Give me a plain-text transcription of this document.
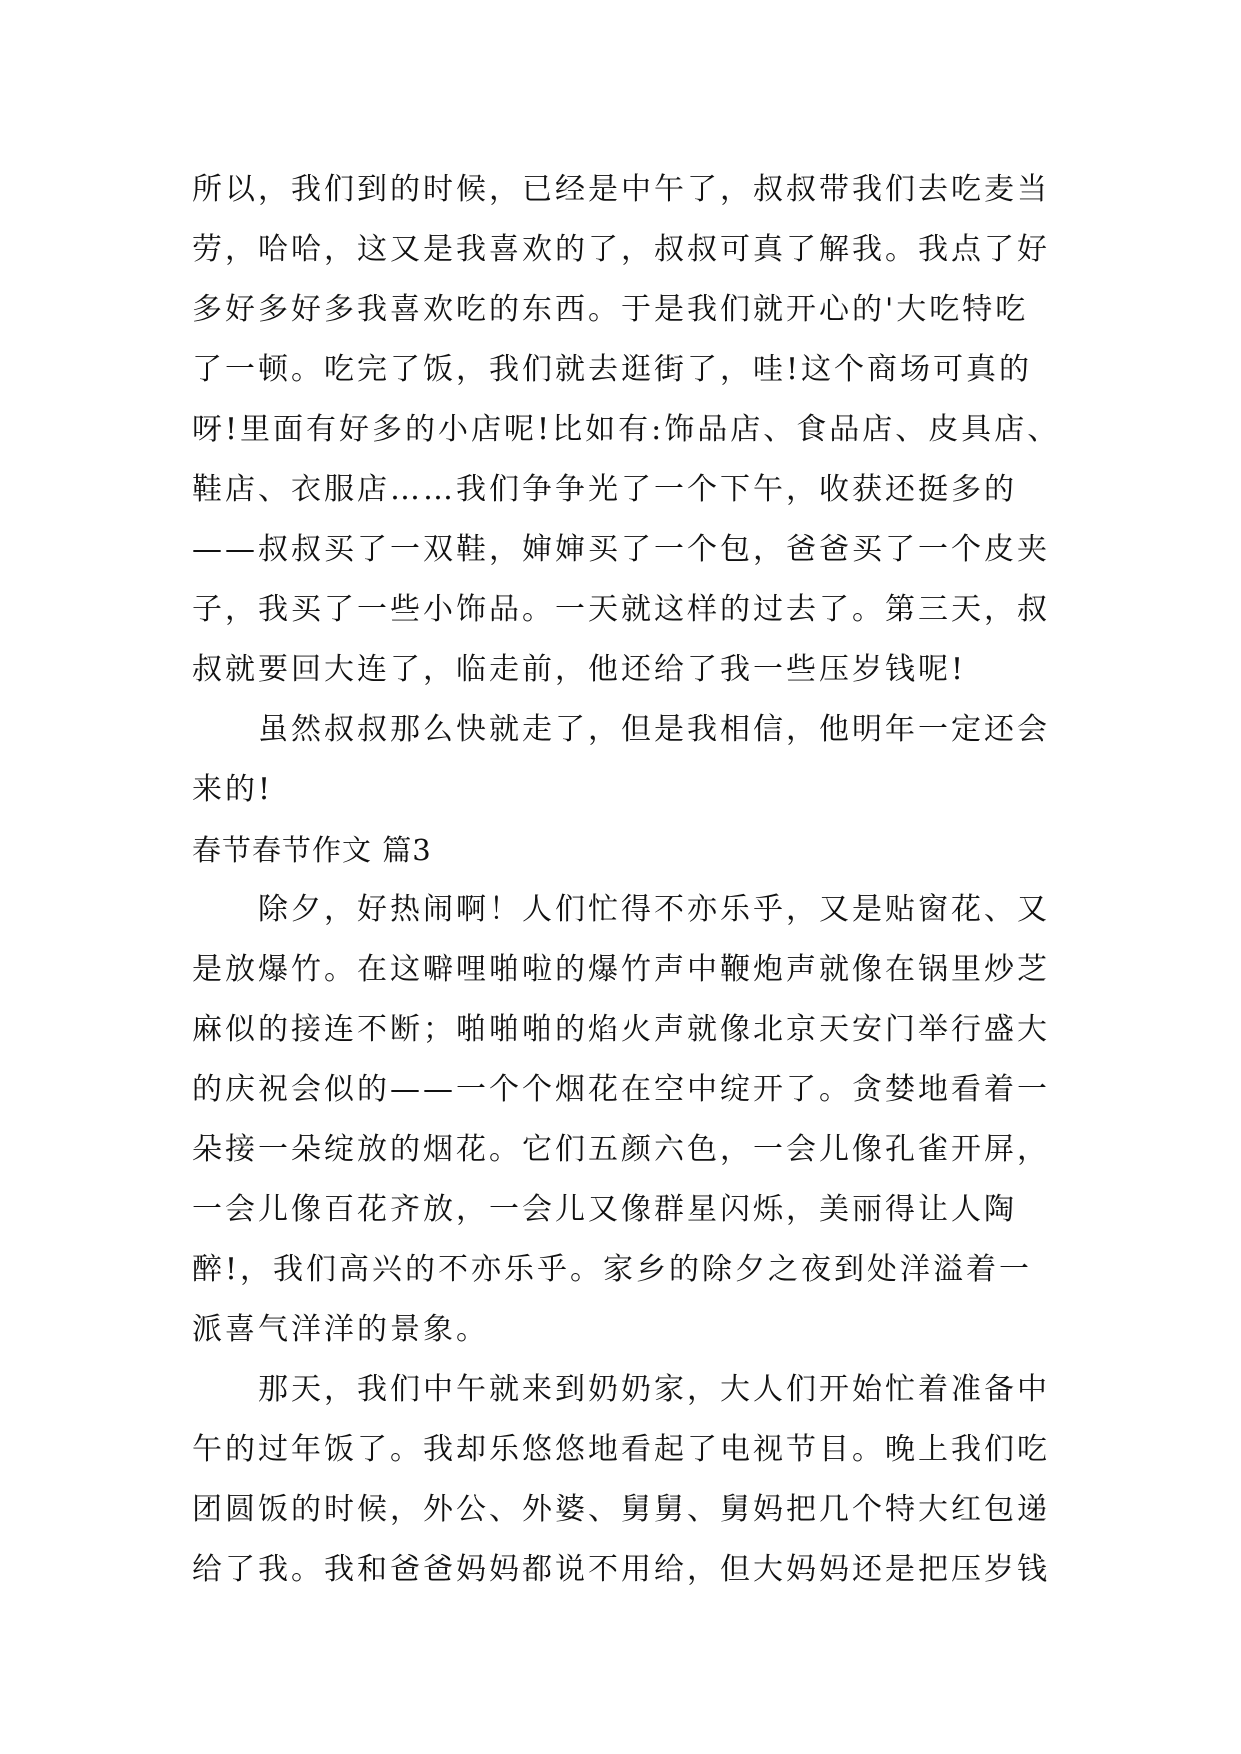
所以，我们到的时候，已经是中午了，叔叔带我们去吃麦当
劳，哈哈，这又是我喜欢的了，叔叔可真了解我。我点了好
多好多好多我喜欢吃的东西。于是我们就开心的'大吃特吃
了一顿。吃完了饭，我们就去逛街了，哇!这个商场可真的
呀!里面有好多的小店呢!比如有:饰品店、食品店、皮具店、
鞋店、衣服店……我们争争光了一个下午，收获还挺多的
——叔叔买了一双鞋，婶婶买了一个包，爸爸买了一个皮夹
子，我买了一些小饰品。一天就这样的过去了。第三天，叔
叔就要回大连了，临走前，他还给了我一些压岁钱呢!
虽然叔叔那么快就走了，但是我相信，他明年一定还会
来的!
春节春节作文 篇3
除夕，好热闹啊！人们忙得不亦乐乎，又是贴窗花、又
是放爆竹。在这噼哩啪啦的爆竹声中鞭炮声就像在锅里炒芝
麻似的接连不断；啪啪啪的焰火声就像北京天安门举行盛大
的庆祝会似的——一个个烟花在空中绽开了。贪婪地看着一
朵接一朵绽放的烟花。它们五颜六色，一会儿像孔雀开屏，
一会儿像百花齐放，一会儿又像群星闪烁，美丽得让人陶
醉!，我们高兴的不亦乐乎。家乡的除夕之夜到处洋溢着一
派喜气洋洋的景象。
那天，我们中午就来到奶奶家，大人们开始忙着准备中
午的过年饭了。我却乐悠悠地看起了电视节目。晚上我们吃
团圆饭的时候，外公、外婆、舅舅、舅妈把几个特大红包递
给了我。我和爸爸妈妈都说不用给，但大妈妈还是把压岁钱
